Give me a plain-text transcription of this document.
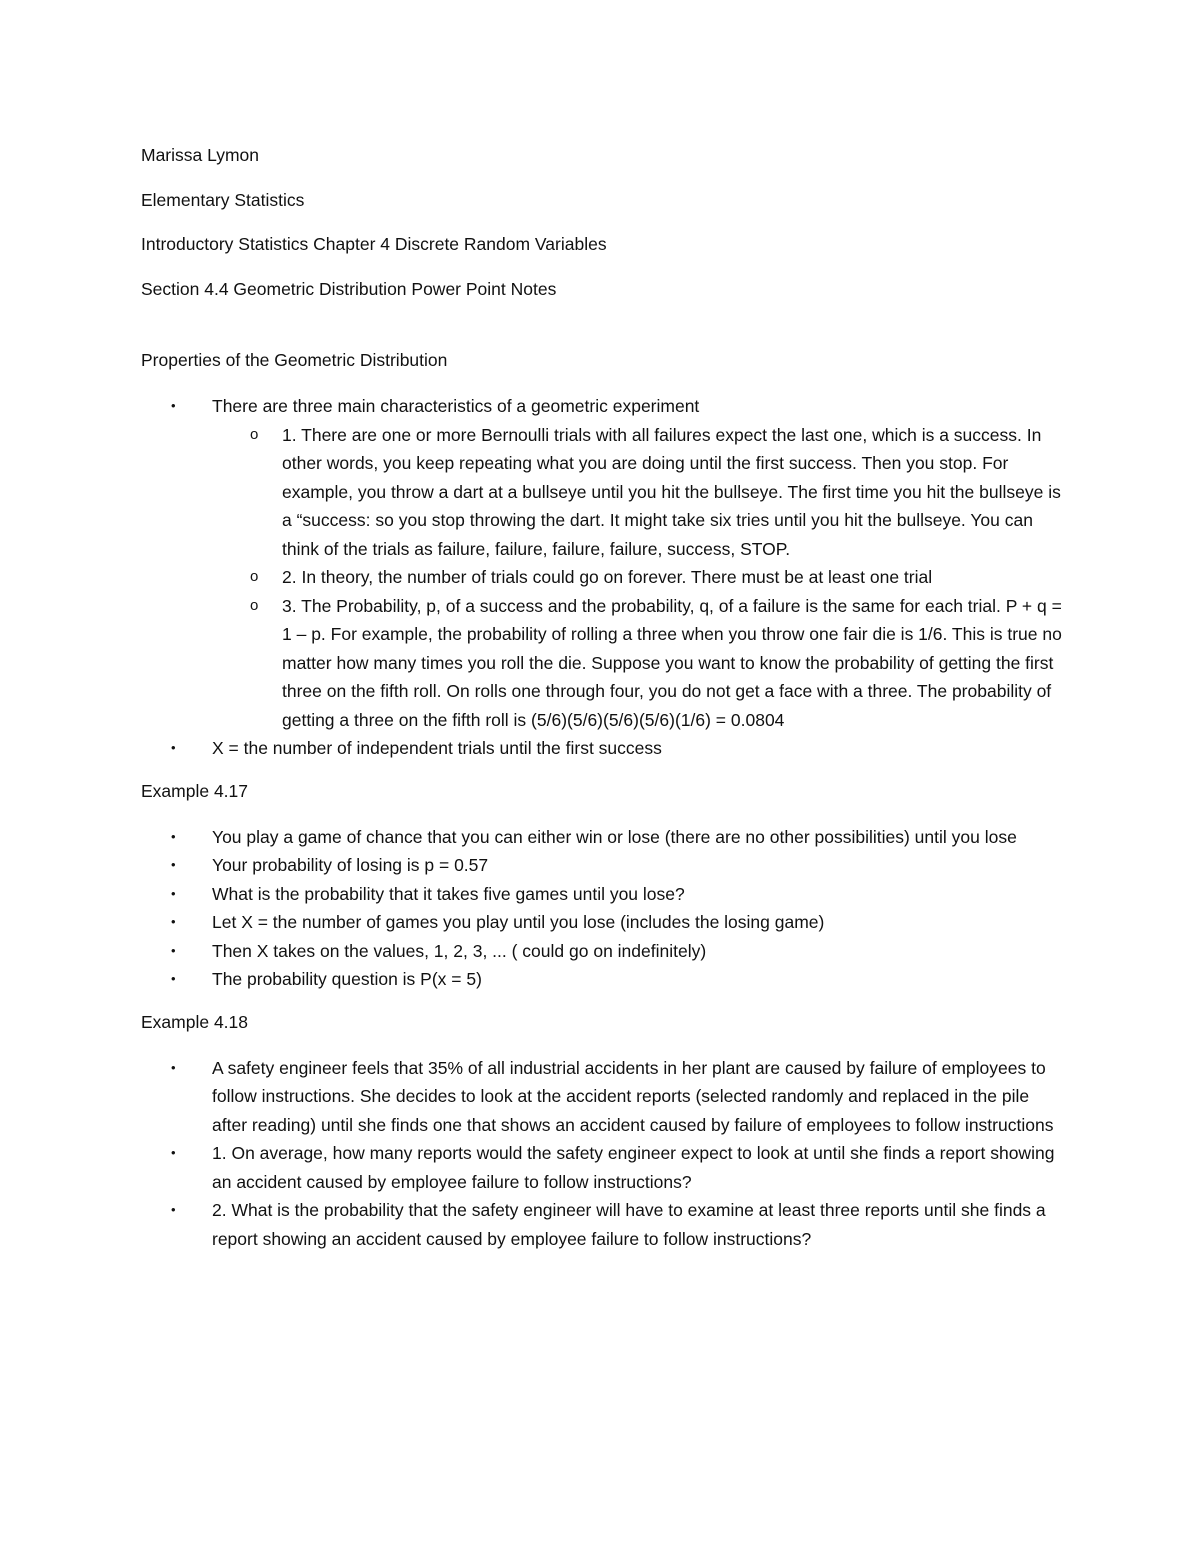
Marissa Lymon
Elementary Statistics
Introductory Statistics Chapter 4 Discrete Random Variables
Section 4.4 Geometric Distribution Power Point Notes
Properties of the Geometric Distribution
•	There are three main characteristics of a geometric experiment
o 1. There are one or more Bernoulli trials with all failures expect the last one, which is a success. In other words, you keep repeating what you are doing until the first success. Then you stop. For example, you throw a dart at a bullseye until you hit the bullseye. The first time you hit the bullseye is a “success: so you stop throwing the dart. It might take six tries until you hit the bullseye. You can think of the trials as failure, failure, failure, failure, success, STOP.
o 2. In theory, the number of trials could go on forever. There must be at least one trial
o 3. The Probability, p, of a success and the probability, q, of a failure is the same for each trial. P + q = 1 – p. For example, the probability of rolling a three when you throw one fair die is 1/6. This is true no matter how many times you roll the die. Suppose you want to know the probability of getting the first three on the fifth roll. On rolls one through four, you do not get a face with a three. The probability of getting a three on the fifth roll is (5/6)(5/6)(5/6)(5/6)(1/6) = 0.0804
•	X = the number of independent trials until the first success
Example 4.17
•	You play a game of chance that you can either win or lose (there are no other possibilities) until you lose
•	Your probability of losing is p = 0.57
•	What is the probability that it takes five games until you lose?
•	Let X = the number of games you play until you lose (includes the losing game)
•	Then X takes on the values, 1, 2, 3, ... ( could go on indefinitely)
•	The probability question is P(x = 5)
Example 4.18
•	A safety engineer feels that 35% of all industrial accidents in her plant are caused by failure of employees to follow instructions. She decides to look at the accident reports (selected randomly and replaced in the pile after reading) until she finds one that shows an accident caused by failure of employees to follow instructions
•	1. On average, how many reports would the safety engineer expect to look at until she finds a report showing an accident caused by employee failure to follow instructions?
•	2. What is the probability that the safety engineer will have to examine at least three reports until she finds a report showing an accident caused by employee failure to follow instructions?
